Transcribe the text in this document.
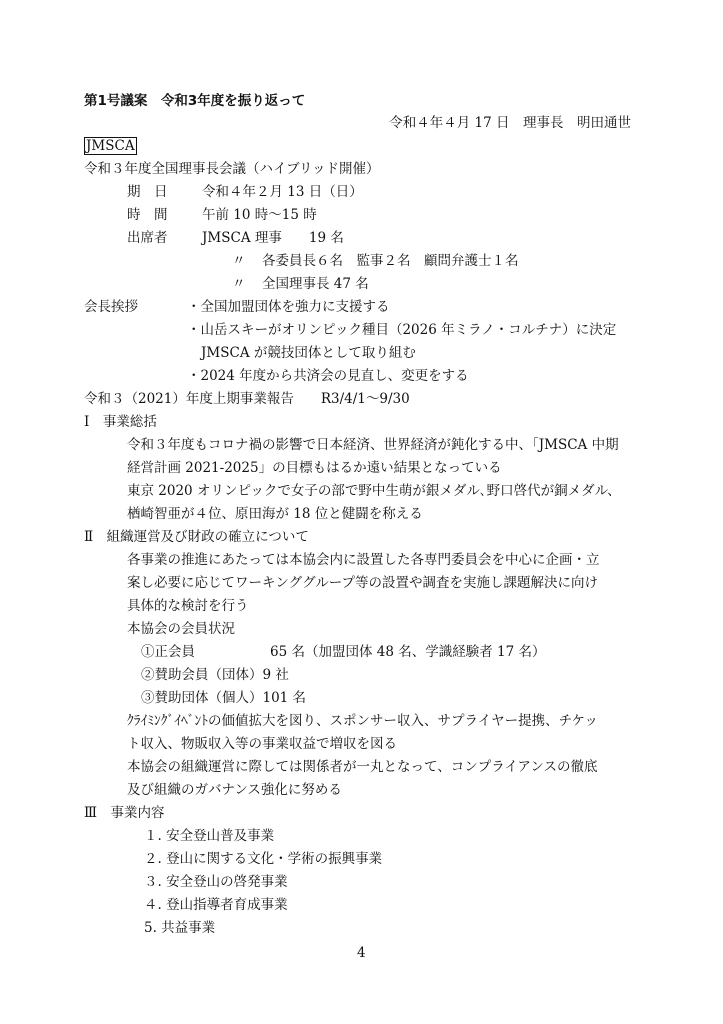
第1号議案　令和3年度を振り返って
令和４年４月 17 日　理事長　明田通世
JMSCA
令和３年度全国理事長会議（ハイブリッド開催）
期　日	令和４年２月 13 日（日）
時　間	午前 10 時～15 時
出席者	JMSCA 理事　　19 名
〃 各委員長６名　監事２名　顧問弁護士１名
〃 全国理事長 47 名
会長挨拶	・全国加盟団体を強力に支援する
・山岳スキーがオリンピック種目（2026 年ミラノ・コルチナ）に決定
JMSCA が競技団体として取り組む
・2024 年度から共済会の見直し、変更をする
令和３（2021）年度上期事業報告　　R3/4/1～9/30
Ⅰ　事業総括
令和３年度もコロナ禍の影響で日本経済、世界経済が鈍化する中、「JMSCA 中期
経営計画 2021-2025」の目標もはるか遠い結果となっている
東京 2020 オリンピックで女子の部で野中生萌が銀メダル､野口啓代が銅メダル、
楢崎智亜が４位、原田海が 18 位と健闘を称える
Ⅱ　組織運営及び財政の確立について
各事業の推進にあたっては本協会内に設置した各専門委員会を中心に企画・立
案し必要に応じてワーキンググループ等の設置や調査を実施し課題解決に向け
具体的な検討を行う
本協会の会員状況
①正会員	65 名（加盟団体 48 名、学識経験者 17 名）
②賛助会員（団体）9 社
③賛助団体（個人）101 名
ｸﾗｲﾐﾝｸﾞｲﾍﾞﾝﾄの価値拡大を図り、スポンサー収入、サプライヤー提携、チケッ
ト収入、物販収入等の事業収益で増収を図る
本協会の組織運営に際しては関係者が一丸となって、コンプライアンスの徹底
及び組織のガバナンス強化に努める
Ⅲ　事業内容
１. 安全登山普及事業
２. 登山に関する文化・学術の振興事業
３. 安全登山の啓発事業
４. 登山指導者育成事業
5. 共益事業
4
